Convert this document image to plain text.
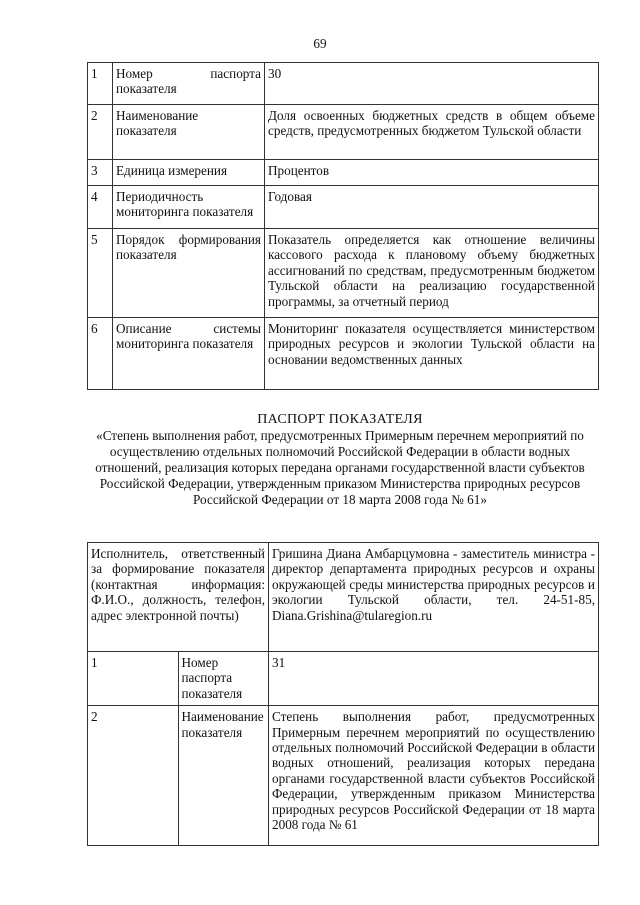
69
1	Номер паспорта показателя	30
2	Наименование показателя	Доля освоенных бюджетных средств в общем объеме средств, предусмотренных бюджетом Тульской области
3	Единица измерения	Процентов
4	Периодичность мониторинга показателя	Годовая
5	Порядок формирования показателя	Показатель определяется как отношение величины кассового расхода к плановому объему бюджетных ассигнований по средствам, предусмотренным бюджетом Тульской области на реализацию государственной программы, за отчетный период
6	Описание системы мониторинга показателя	Мониторинг показателя осуществляется министерством природных ресурсов и экологии Тульской области на основании ведомственных данных
ПАСПОРТ ПОКАЗАТЕЛЯ
«Степень выполнения работ, предусмотренных Примерным перечнем мероприятий по осуществлению отдельных полномочий Российской Федерации в области водных отношений, реализация которых передана органами государственной власти субъектов Российской Федерации, утвержденным приказом Министерства природных ресурсов Российской Федерации от 18 марта 2008 года № 61»
Исполнитель, ответственный за формирование показателя (контактная информация: Ф.И.О., должность, телефон, адрес электронной почты)		Гришина Диана Амбарцумовна - заместитель министра - директор департамента природных ресурсов и охраны окружающей среды министерства природных ресурсов и экологии Тульской области, тел. 24-51-85, Diana.Grishina@tularegion.ru
1	Номер паспорта показателя	31
2	Наименование показателя	Степень выполнения работ, предусмотренных Примерным перечнем мероприятий по осуществлению отдельных полномочий Российской Федерации в области водных отношений, реализация которых передана органами государственной власти субъектов Российской Федерации, утвержденным приказом Министерства природных ресурсов Российской Федерации от 18 марта 2008 года № 61
